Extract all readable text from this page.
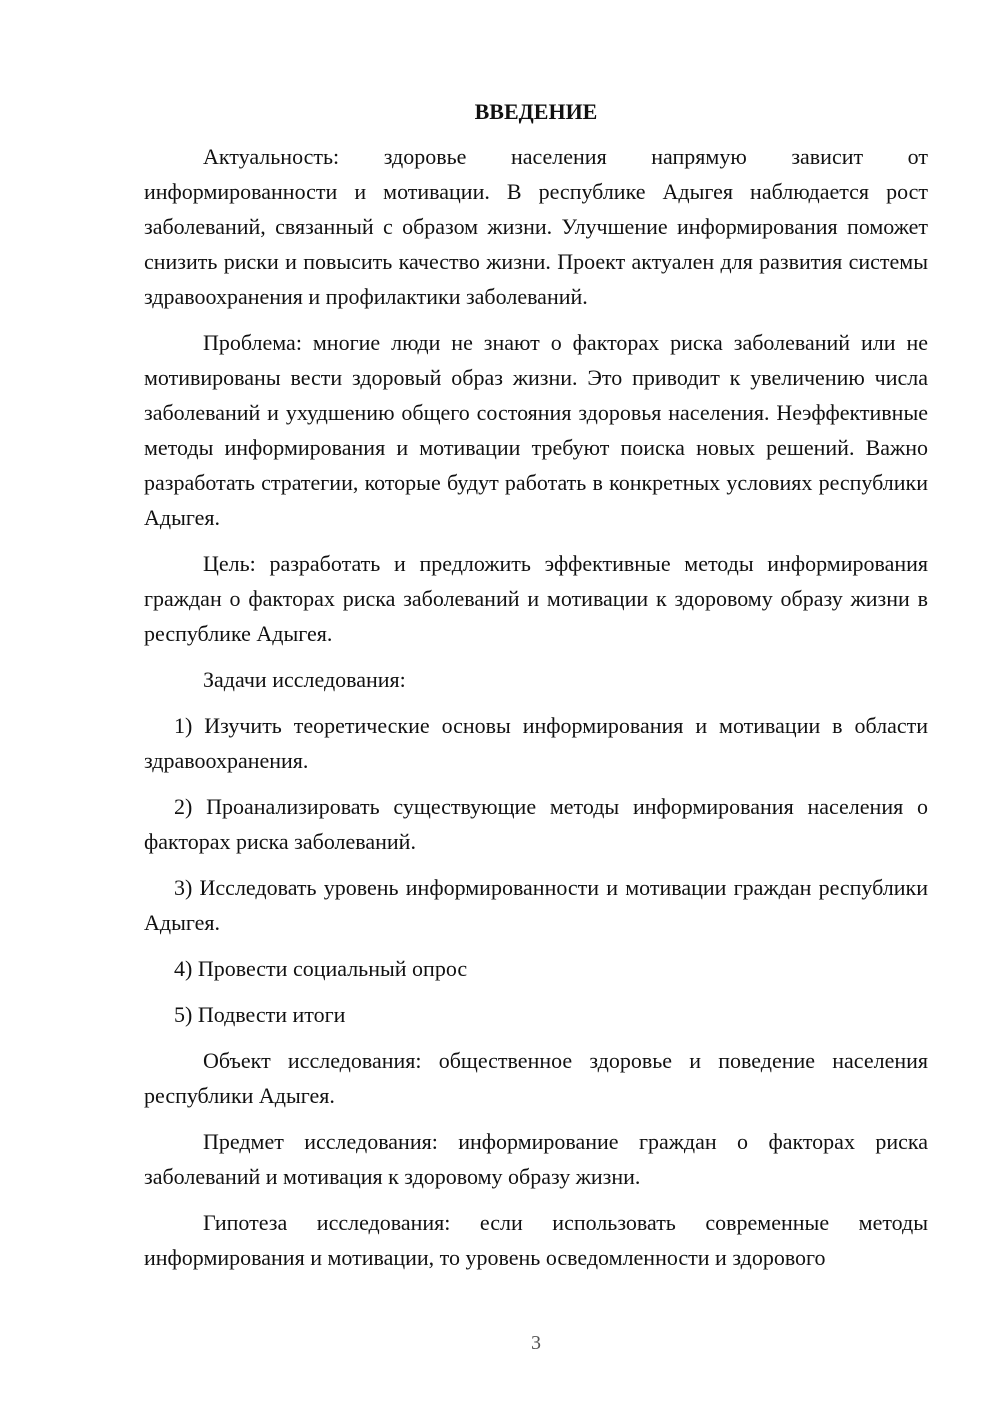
ВВЕДЕНИЕ

Актуальность: здоровье населения напрямую зависит от информированности и мотивации. В республике Адыгея наблюдается рост заболеваний, связанный с образом жизни. Улучшение информирования поможет снизить риски и повысить качество жизни. Проект актуален для развития системы здравоохранения и профилактики заболеваний.

Проблема: многие люди не знают о факторах риска заболеваний или не мотивированы вести здоровый образ жизни. Это приводит к увеличению числа заболеваний и ухудшению общего состояния здоровья населения. Неэффективные методы информирования и мотивации требуют поиска новых решений. Важно разработать стратегии, которые будут работать в конкретных условиях республики Адыгея.

Цель: разработать и предложить эффективные методы информирования граждан о факторах риска заболеваний и мотивации к здоровому образу жизни в республике Адыгея.

Задачи исследования:

1) Изучить теоретические основы информирования и мотивации в области здравоохранения.

2) Проанализировать существующие методы информирования населения о факторах риска заболеваний.

3) Исследовать уровень информированности и мотивации граждан республики Адыгея.

4) Провести социальный опрос

5) Подвести итоги

Объект исследования: общественное здоровье и поведение населения республики Адыгея.

Предмет исследования: информирование граждан о факторах риска заболеваний и мотивация к здоровому образу жизни.

Гипотеза исследования: если использовать современные методы информирования и мотивации, то уровень осведомленности и здорового

3
